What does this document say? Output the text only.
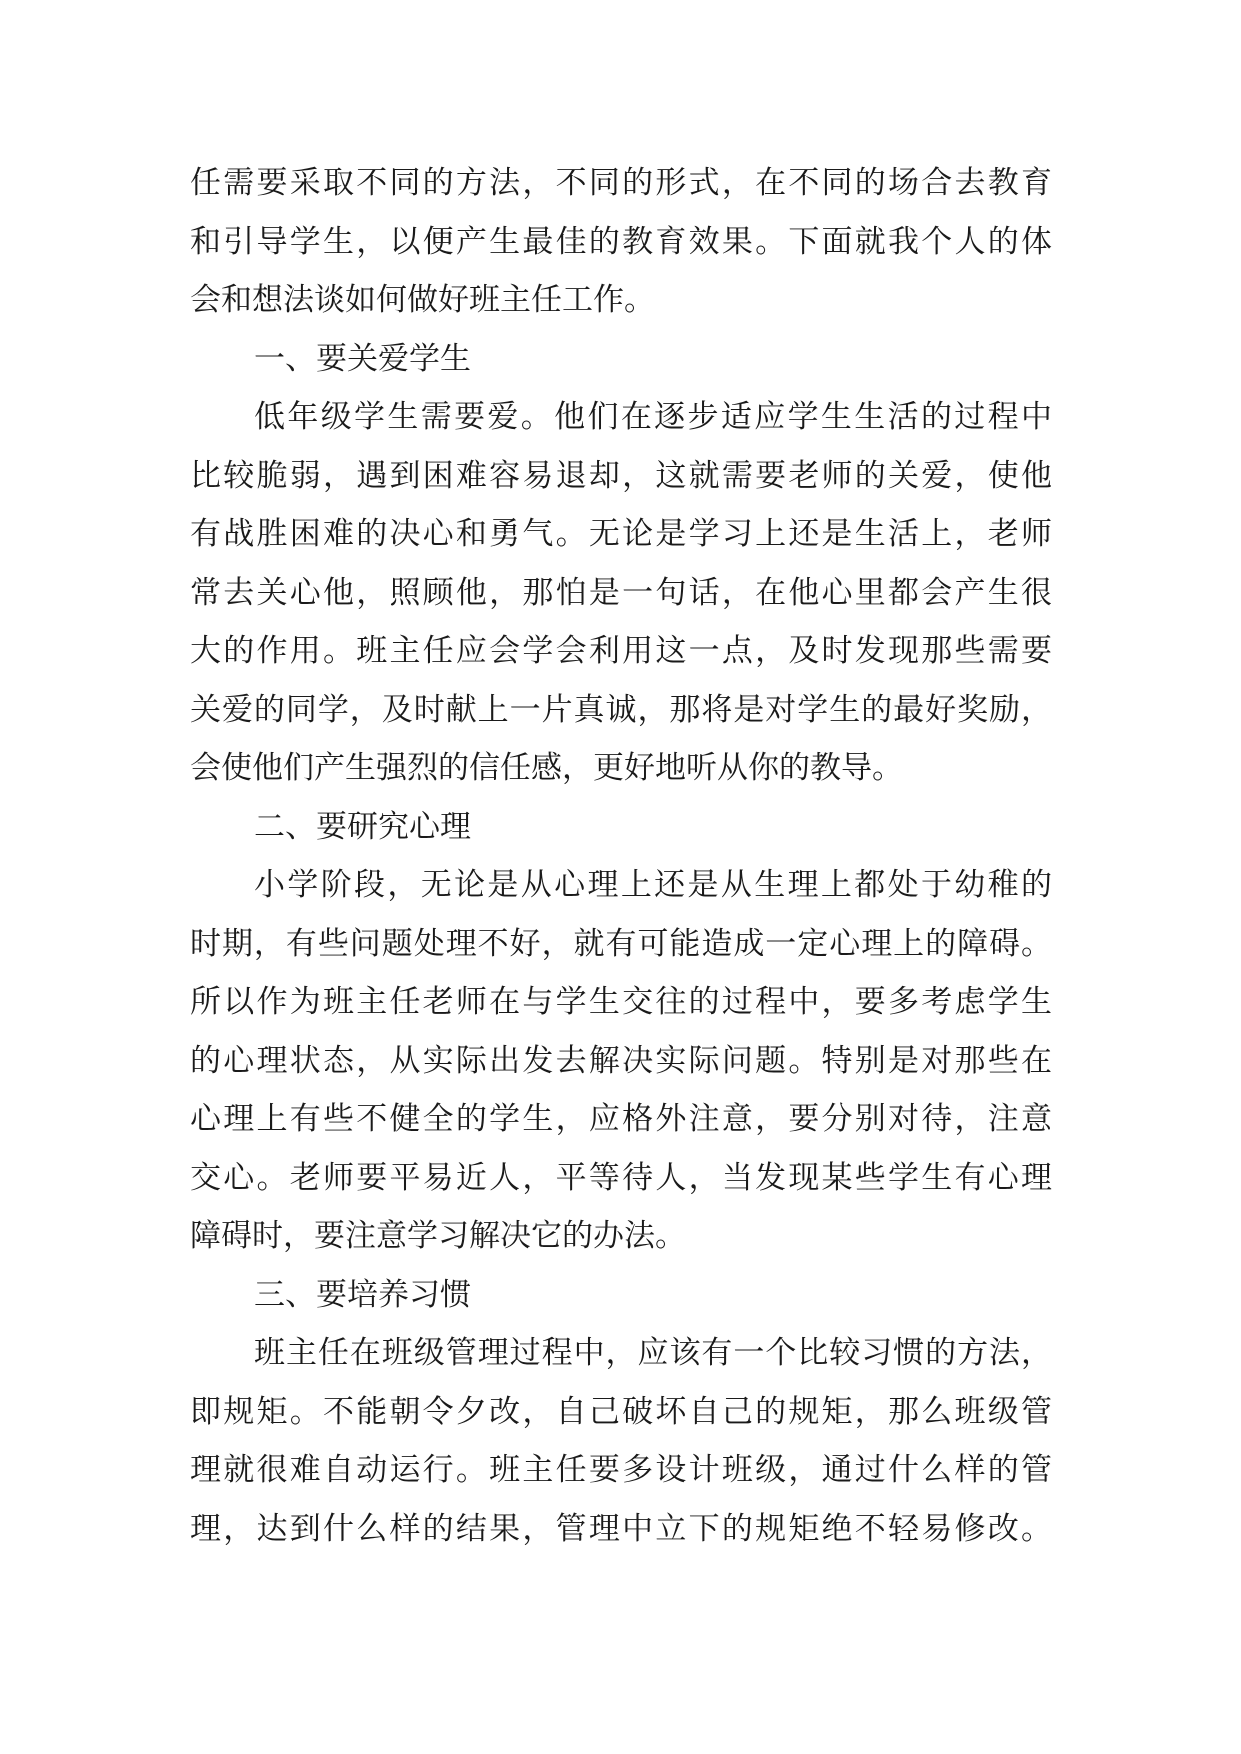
任需要采取不同的方法，不同的形式，在不同的场合去教育
和引导学生，以便产生最佳的教育效果。下面就我个人的体
会和想法谈如何做好班主任工作。
一、要关爱学生
低年级学生需要爱。他们在逐步适应学生生活的过程中
比较脆弱，遇到困难容易退却，这就需要老师的关爱，使他
有战胜困难的决心和勇气。无论是学习上还是生活上，老师
常去关心他，照顾他，那怕是一句话，在他心里都会产生很
大的作用。班主任应会学会利用这一点，及时发现那些需要
关爱的同学，及时献上一片真诚，那将是对学生的最好奖励，
会使他们产生强烈的信任感，更好地听从你的教导。
二、要研究心理
小学阶段，无论是从心理上还是从生理上都处于幼稚的
时期，有些问题处理不好，就有可能造成一定心理上的障碍。
所以作为班主任老师在与学生交往的过程中，要多考虑学生
的心理状态，从实际出发去解决实际问题。特别是对那些在
心理上有些不健全的学生，应格外注意，要分别对待，注意
交心。老师要平易近人，平等待人，当发现某些学生有心理
障碍时，要注意学习解决它的办法。
三、要培养习惯
班主任在班级管理过程中，应该有一个比较习惯的方法，
即规矩。不能朝令夕改，自己破坏自己的规矩，那么班级管
理就很难自动运行。班主任要多设计班级，通过什么样的管
理，达到什么样的结果，管理中立下的规矩绝不轻易修改。
